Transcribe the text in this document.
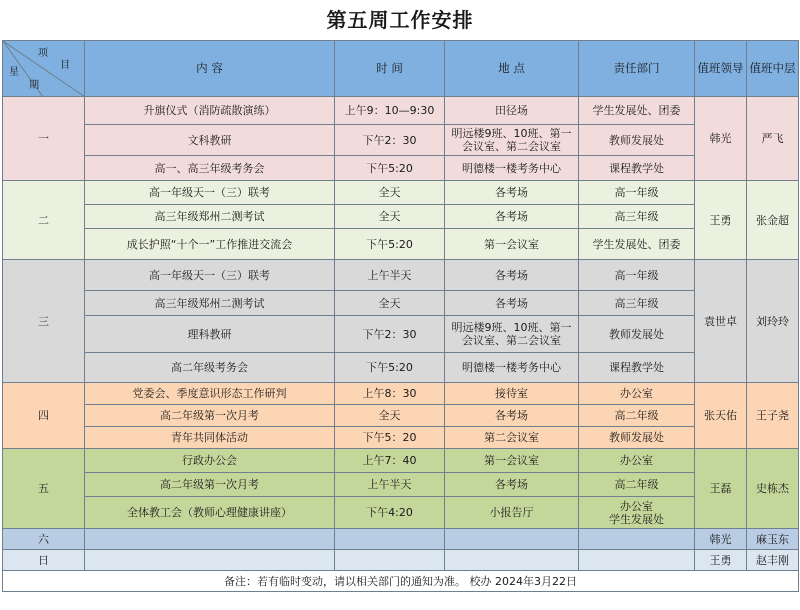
第五周工作安排
项
目
星
期	内 容	时 间	地 点	责任部门	值班领导	值班中层
一	升旗仪式（消防疏散演练）	上午9：10—9:30	田径场	学生发展处、团委	韩光	严飞
	文科教研	下午2：30	明远楼9班、10班、第一会议室、第二会议室	教师发展处		
	高一、高三年级考务会	下午5:20	明德楼一楼考务中心	课程教学处		
二	高一年级天一（三）联考	全天	各考场	高一年级	王勇	张金超
	高三年级郑州二测考试	全天	各考场	高三年级		
	成长护照“十个一”工作推进交流会	下午5:20	第一会议室	学生发展处、团委		
三	高一年级天一（三）联考	上午半天	各考场	高一年级	袁世卓	刘玲玲
	高三年级郑州二测考试	全天	各考场	高三年级		
	理科教研	下午2：30	明远楼9班、10班、第一会议室、第二会议室	教师发展处		
	高二年级考务会	下午5:20	明德楼一楼考务中心	课程教学处		
四	党委会、季度意识形态工作研判	上午8：30	接待室	办公室	张天佑	王子尧
	高二年级第一次月考	全天	各考场	高二年级		
	青年共同体活动	下午5：20	第二会议室	教师发展处		
五	行政办公会	上午7：40	第一会议室	办公室	王磊	史栋杰
	高二年级第一次月考	上午半天	各考场	高二年级		
	全体教工会（教师心理健康讲座）	下午4:20	小报告厅	办公室
学生发展处		
六					韩光	麻玉东
日					王勇	赵丰刚
备注：若有临时变动，请以相关部门的通知为准。 校办 2024年3月22日						
